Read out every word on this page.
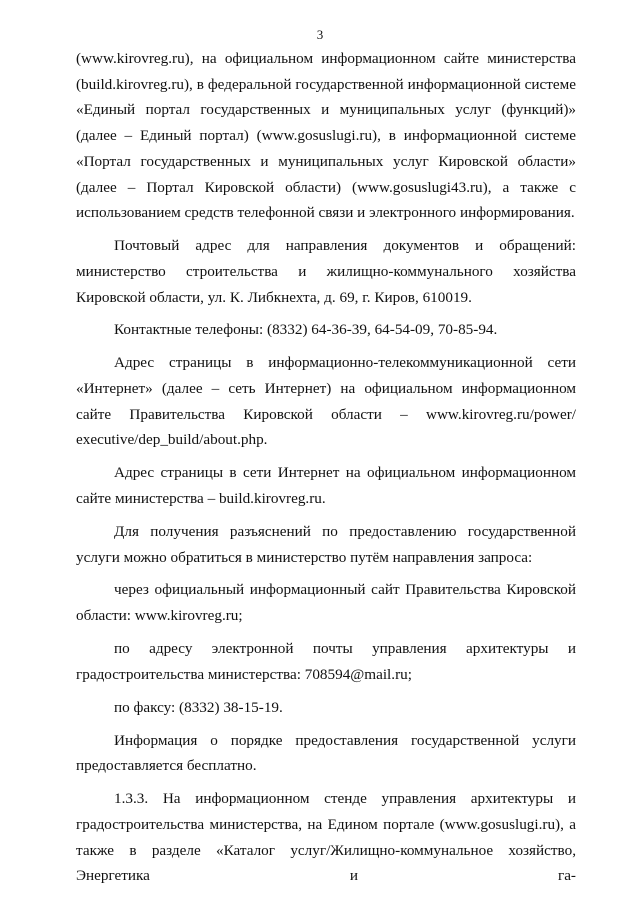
3

(www.kirovreg.ru), на официальном информационном сайте министерства (build.kirovreg.ru), в федеральной государственной информационной системе «Единый портал государственных и муниципальных услуг (функций)» (далее – Единый портал) (www.gosuslugi.ru), в информационной системе «Портал государственных и муниципальных услуг Кировской области» (далее – Портал Кировской области) (www.gosuslugi43.ru), а также с использованием средств телефонной связи и электронного информирования.

Почтовый адрес для направления документов и обращений: министерство строительства и жилищно-коммунального хозяйства Кировской области, ул. К. Либкнехта, д. 69, г. Киров, 610019.

Контактные телефоны: (8332) 64-36-39, 64-54-09, 70-85-94.

Адрес страницы в информационно-телекоммуникационной сети «Интернет» (далее – сеть Интернет) на официальном информационном сайте Правительства Кировской области – www.kirovreg.ru/power/ executive/dep_build/about.php.

Адрес страницы в сети Интернет на официальном информационном сайте министерства – build.kirovreg.ru.

Для получения разъяснений по предоставлению государственной услуги можно обратиться в министерство путём направления запроса:

через официальный информационный сайт Правительства Кировской области: www.kirovreg.ru;

по адресу электронной почты управления архитектуры и градостроительства министерства: 708594@mail.ru;

по факсу: (8332) 38-15-19.

Информация о порядке предоставления государственной услуги предоставляется бесплатно.

1.3.3. На информационном стенде управления архитектуры и градостроительства министерства, на Едином портале (www.gosuslugi.ru), а также в разделе «Каталог услуг/Жилищно-коммунальное хозяйство, Энергетика и га-
